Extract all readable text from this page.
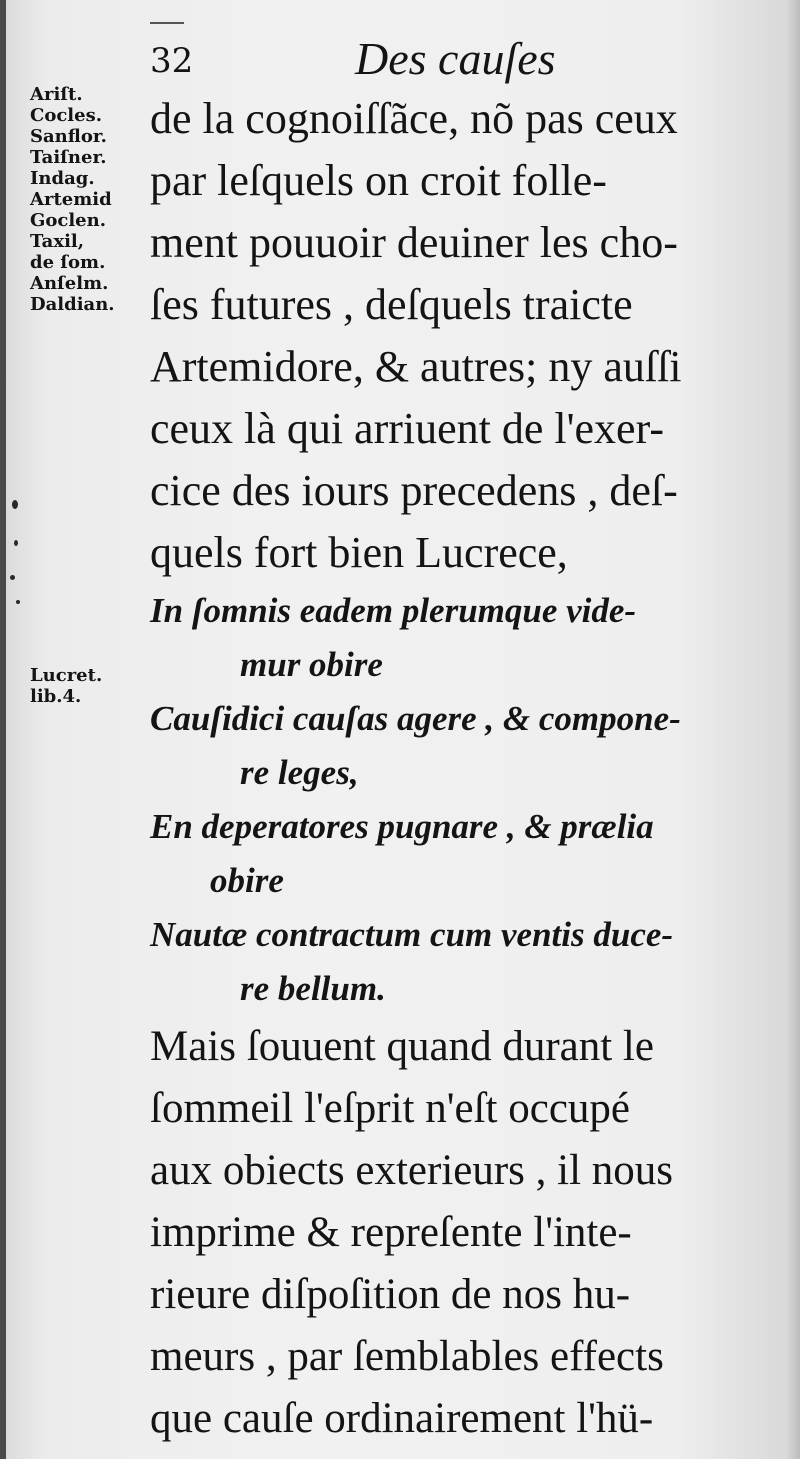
32	Des cauſes
Ariſt.
Cocles.
Sanflor.
Taiſner.
Indag.
Artemid
Goclen.
Taxil,
de ſom.
Anſelm.
Daldian.
Lucret.
lib.4.
de la cognoiſſãce, nõ pas ceux
par leſquels on croit folle-
ment pouuoir deuiner les cho-
ſes futures , deſquels traicte
Artemidore, & autres; ny auſſi
ceux là qui arriuent de l'exer-
cice des iours precedens , deſ-
quels fort bien Lucrece,
In ſomnis eadem plerumque vide-
mur obire
Cauſidici cauſas agere , & compone-
re leges,
En deperatores pugnare , & prælia
obire
Nautæ contractum cum ventis duce-
re bellum.
Mais ſouuent quand durant le
ſommeil l'eſprit n'eſt occupé
aux obiects exterieurs , il nous
imprime & repreſente l'inte-
rieure diſpoſition de nos hu-
meurs , par ſemblables effects
que cauſe ordinairement l'hü-
